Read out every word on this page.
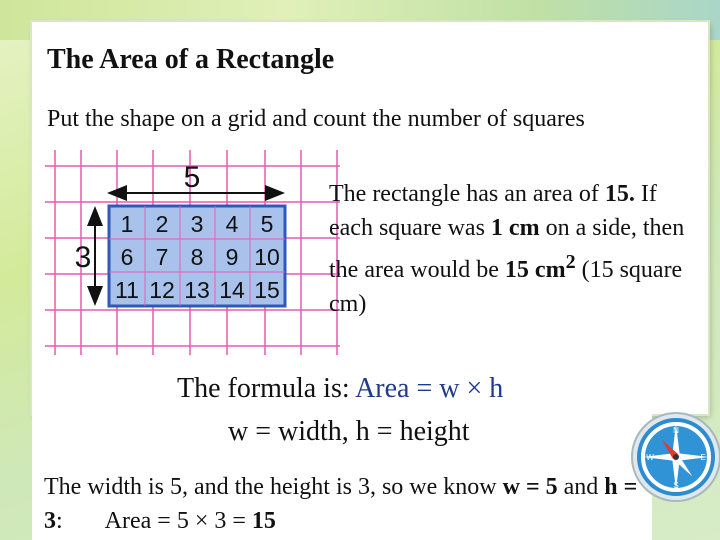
The Area of a Rectangle

Put the shape on a grid and count the number of squares

5
3
1 2 3 4 5
6 7 8 9 10
11 12 13 14 15

The rectangle has an area of 15. If each square was 1 cm on a side, then the area would be 15 $cm^2$ (15 square cm)

The formula is: Area = w × h

w = width, h = height

The width is 5, and the height is 3, so we know w = 5 and h = 3: Area = 5 × 3 = 15

N
S
W	E
